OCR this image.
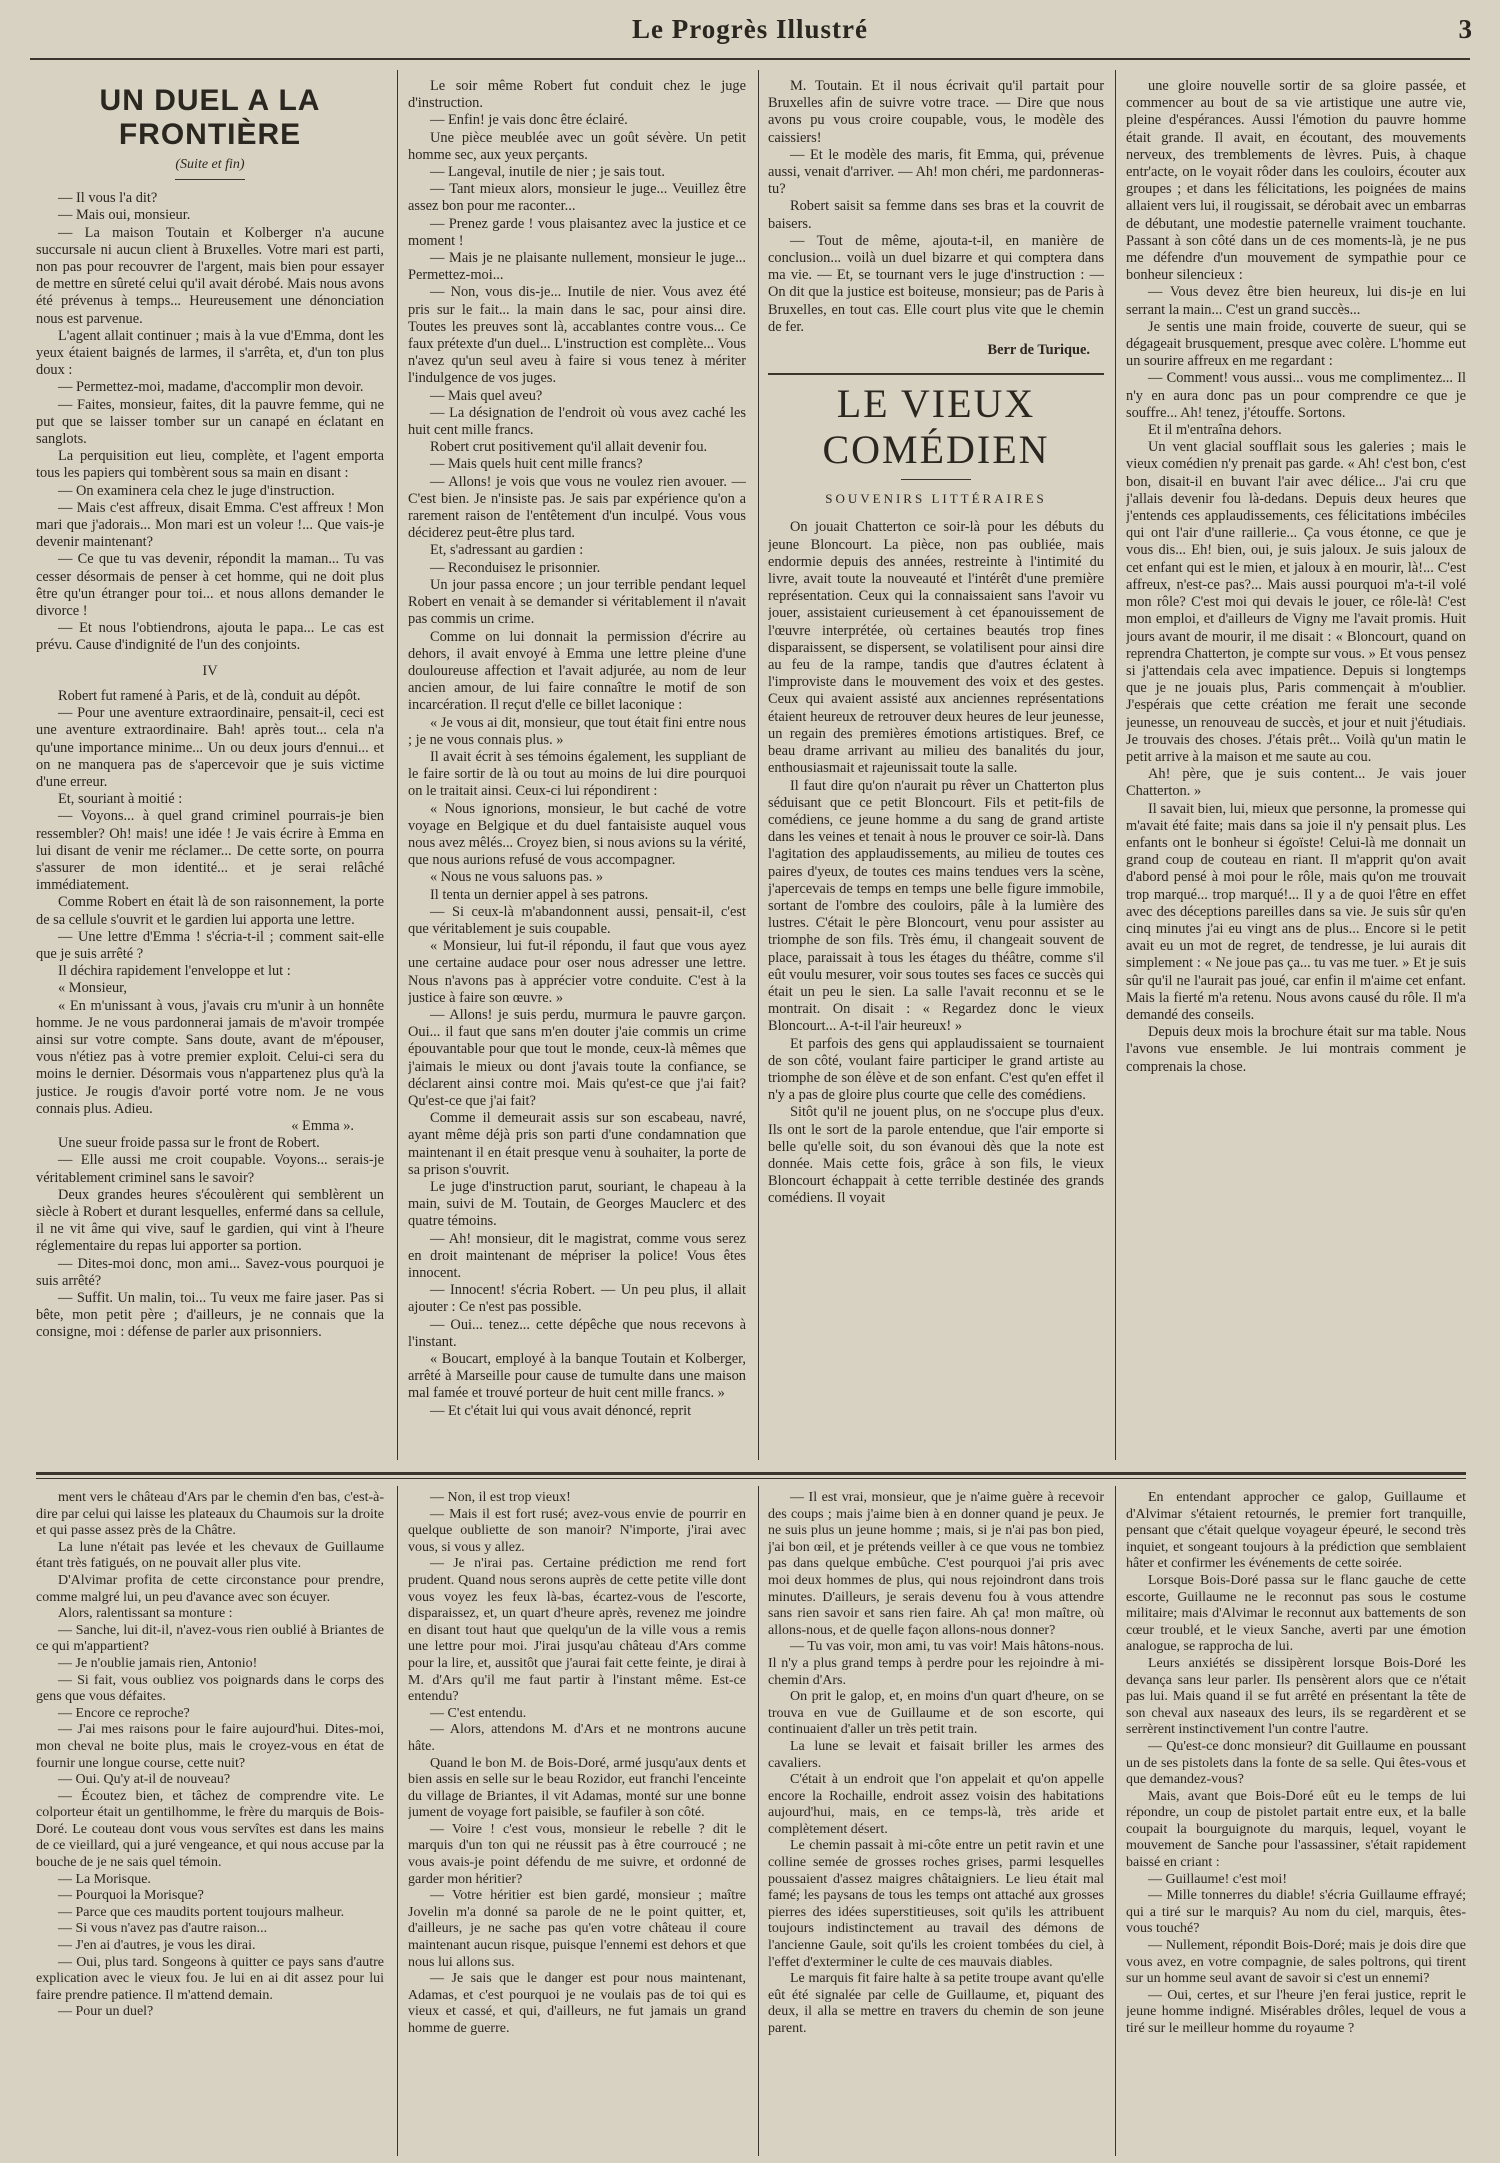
Le Progrès Illustré	3
UN DUEL A LA FRONTIÈRE
(Suite et fin)

— Il vous l'a dit?

— Mais oui, monsieur.

— La maison Toutain et Kolberger n'a aucune succursale ni aucun client à Bruxelles. Votre mari est parti, non pas pour recouvrer de l'argent, mais bien pour essayer de mettre en sûreté celui qu'il avait dérobé. Mais nous avons été prévenus à temps... Heureusement une dénonciation nous est parvenue.

L'agent allait continuer ; mais à la vue d'Emma, dont les yeux étaient baignés de larmes, il s'arrêta, et, d'un ton plus doux :

— Permettez-moi, madame, d'accomplir mon devoir.

— Faites, monsieur, faites, dit la pauvre femme, qui ne put que se laisser tomber sur un canapé en éclatant en sanglots.

La perquisition eut lieu, complète, et l'agent emporta tous les papiers qui tombèrent sous sa main en disant :

— On examinera cela chez le juge d'instruction.

— Mais c'est affreux, disait Emma. C'est affreux ! Mon mari que j'adorais... Mon mari est un voleur !... Que vais-je devenir maintenant?

— Ce que tu vas devenir, répondit la maman... Tu vas cesser désormais de penser à cet homme, qui ne doit plus être qu'un étranger pour toi... et nous allons demander le divorce !

— Et nous l'obtiendrons, ajouta le papa... Le cas est prévu. Cause d'indignité de l'un des conjoints.

IV

Robert fut ramené à Paris, et de là, conduit au dépôt.

— Pour une aventure extraordinaire, pensait-il, ceci est une aventure extraordinaire. Bah! après tout... cela n'a qu'une importance minime... Un ou deux jours d'ennui... et on ne manquera pas de s'apercevoir que je suis victime d'une erreur.

Et, souriant à moitié :

— Voyons... à quel grand criminel pourrais-je bien ressembler? Oh! mais! une idée ! Je vais écrire à Emma en lui disant de venir me réclamer... De cette sorte, on pourra s'assurer de mon identité... et je serai relâché immédiatement.

Comme Robert en était là de son raisonnement, la porte de sa cellule s'ouvrit et le gardien lui apporta une lettre.

— Une lettre d'Emma ! s'écria-t-il ; comment sait-elle que je suis arrêté ?

Il déchira rapidement l'enveloppe et lut :

« Monsieur,

« En m'unissant à vous, j'avais cru m'unir à un honnête homme. Je ne vous pardonnerai jamais de m'avoir trompée ainsi sur votre compte. Sans doute, avant de m'épouser, vous n'étiez pas à votre premier exploit. Celui-ci sera du moins le dernier. Désormais vous n'appartenez plus qu'à la justice. Je rougis d'avoir porté votre nom. Je ne vous connais plus. Adieu.

« Emma ».

Une sueur froide passa sur le front de Robert.

— Elle aussi me croit coupable. Voyons... serais-je véritablement criminel sans le savoir?

Deux grandes heures s'écoulèrent qui semblèrent un siècle à Robert et durant lesquelles, enfermé dans sa cellule, il ne vit âme qui vive, sauf le gardien, qui vint à l'heure réglementaire du repas lui apporter sa portion.

— Dites-moi donc, mon ami... Savez-vous pourquoi je suis arrêté?

— Suffit. Un malin, toi... Tu veux me faire jaser. Pas si bête, mon petit père ; d'ailleurs, je ne connais que la consigne, moi : défense de parler aux prisonniers.

Le soir même Robert fut conduit chez le juge d'instruction.

— Enfin! je vais donc être éclairé.

Une pièce meublée avec un goût sévère. Un petit homme sec, aux yeux perçants.

— Langeval, inutile de nier ; je sais tout.

— Tant mieux alors, monsieur le juge... Veuillez être assez bon pour me raconter...

— Prenez garde ! vous plaisantez avec la justice et ce moment !

— Mais je ne plaisante nullement, monsieur le juge... Permettez-moi...

— Non, vous dis-je... Inutile de nier. Vous avez été pris sur le fait... la main dans le sac, pour ainsi dire. Toutes les preuves sont là, accablantes contre vous... Ce faux prétexte d'un duel... L'instruction est complète... Vous n'avez qu'un seul aveu à faire si vous tenez à mériter l'indulgence de vos juges.

— Mais quel aveu?

— La désignation de l'endroit où vous avez caché les huit cent mille francs.

Robert crut positivement qu'il allait devenir fou.

— Mais quels huit cent mille francs?

— Allons! je vois que vous ne voulez rien avouer. — C'est bien. Je n'insiste pas. Je sais par expérience qu'on a rarement raison de l'entêtement d'un inculpé. Vous vous déciderez peut-être plus tard.

Et, s'adressant au gardien :

— Reconduisez le prisonnier.

Un jour passa encore ; un jour terrible pendant lequel Robert en venait à se demander si véritablement il n'avait pas commis un crime.

Comme on lui donnait la permission d'écrire au dehors, il avait envoyé à Emma une lettre pleine d'une douloureuse affection et l'avait adjurée, au nom de leur ancien amour, de lui faire connaître le motif de son incarcération. Il reçut d'elle ce billet laconique :

« Je vous ai dit, monsieur, que tout était fini entre nous ; je ne vous connais plus. »

Il avait écrit à ses témoins également, les suppliant de le faire sortir de là ou tout au moins de lui dire pourquoi on le traitait ainsi. Ceux-ci lui répondirent :

« Nous ignorions, monsieur, le but caché de votre voyage en Belgique et du duel fantaisiste auquel vous nous avez mêlés... Croyez bien, si nous avions su la vérité, que nous aurions refusé de vous accompagner.

« Nous ne vous saluons pas. »

Il tenta un dernier appel à ses patrons.

— Si ceux-là m'abandonnent aussi, pensait-il, c'est que véritablement je suis coupable.

« Monsieur, lui fut-il répondu, il faut que vous ayez une certaine audace pour oser nous adresser une lettre. Nous n'avons pas à apprécier votre conduite. C'est à la justice à faire son œuvre. »

— Allons! je suis perdu, murmura le pauvre garçon. Oui... il faut que sans m'en douter j'aie commis un crime épouvantable pour que tout le monde, ceux-là mêmes que j'aimais le mieux ou dont j'avais toute la confiance, se déclarent ainsi contre moi. Mais qu'est-ce que j'ai fait? Qu'est-ce que j'ai fait?

Comme il demeurait assis sur son escabeau, navré, ayant même déjà pris son parti d'une condamnation que maintenant il en était presque venu à souhaiter, la porte de sa prison s'ouvrit.

Le juge d'instruction parut, souriant, le chapeau à la main, suivi de M. Toutain, de Georges Mauclerc et des quatre témoins.

— Ah! monsieur, dit le magistrat, comme vous serez en droit maintenant de mépriser la police! Vous êtes innocent.

— Innocent! s'écria Robert. — Un peu plus, il allait ajouter : Ce n'est pas possible.

— Oui... tenez... cette dépêche que nous recevons à l'instant.

« Boucart, employé à la banque Toutain et Kolberger, arrêté à Marseille pour cause de tumulte dans une maison mal famée et trouvé porteur de huit cent mille francs. »

— Et c'était lui qui vous avait dénoncé, reprit

M. Toutain. Et il nous écrivait qu'il partait pour Bruxelles afin de suivre votre trace. — Dire que nous avons pu vous croire coupable, vous, le modèle des caissiers!

— Et le modèle des maris, fit Emma, qui, prévenue aussi, venait d'arriver. — Ah! mon chéri, me pardonneras-tu?

Robert saisit sa femme dans ses bras et la couvrit de baisers.

— Tout de même, ajouta-t-il, en manière de conclusion... voilà un duel bizarre et qui comptera dans ma vie. — Et, se tournant vers le juge d'instruction : — On dit que la justice est boiteuse, monsieur; pas de Paris à Bruxelles, en tout cas. Elle court plus vite que le chemin de fer.

Berr de Turique.
LE VIEUX COMÉDIEN
SOUVENIRS LITTÉRAIRES

On jouait Chatterton ce soir-là pour les débuts du jeune Bloncourt. La pièce, non pas oubliée, mais endormie depuis des années, restreinte à l'intimité du livre, avait toute la nouveauté et l'intérêt d'une première représentation. Ceux qui la connaissaient sans l'avoir vu jouer, assistaient curieusement à cet épanouissement de l'œuvre interprétée, où certaines beautés trop fines disparaissent, se dispersent, se volatilisent pour ainsi dire au feu de la rampe, tandis que d'autres éclatent à l'improviste dans le mouvement des voix et des gestes. Ceux qui avaient assisté aux anciennes représentations étaient heureux de retrouver deux heures de leur jeunesse, un regain des premières émotions artistiques. Bref, ce beau drame arrivant au milieu des banalités du jour, enthousiasmait et rajeunissait toute la salle.

Il faut dire qu'on n'aurait pu rêver un Chatterton plus séduisant que ce petit Bloncourt. Fils et petit-fils de comédiens, ce jeune homme a du sang de grand artiste dans les veines et tenait à nous le prouver ce soir-là. Dans l'agitation des applaudissements, au milieu de toutes ces paires d'yeux, de toutes ces mains tendues vers la scène, j'apercevais de temps en temps une belle figure immobile, sortant de l'ombre des couloirs, pâle à la lumière des lustres. C'était le père Bloncourt, venu pour assister au triomphe de son fils. Très ému, il changeait souvent de place, paraissait à tous les étages du théâtre, comme s'il eût voulu mesurer, voir sous toutes ses faces ce succès qui était un peu le sien. La salle l'avait reconnu et se le montrait. On disait : « Regardez donc le vieux Bloncourt... A-t-il l'air heureux! »

Et parfois des gens qui applaudissaient se tournaient de son côté, voulant faire participer le grand artiste au triomphe de son élève et de son enfant. C'est qu'en effet il n'y a pas de gloire plus courte que celle des comédiens.

Sitôt qu'il ne jouent plus, on ne s'occupe plus d'eux. Ils ont le sort de la parole entendue, que l'air emporte si belle qu'elle soit, du son évanoui dès que la note est donnée. Mais cette fois, grâce à son fils, le vieux Bloncourt échappait à cette terrible destinée des grands comédiens. Il voyait

une gloire nouvelle sortir de sa gloire passée, et commencer au bout de sa vie artistique une autre vie, pleine d'espérances. Aussi l'émotion du pauvre homme était grande. Il avait, en écoutant, des mouvements nerveux, des tremblements de lèvres. Puis, à chaque entr'acte, on le voyait rôder dans les couloirs, écouter aux groupes ; et dans les félicitations, les poignées de mains allaient vers lui, il rougissait, se dérobait avec un embarras de débutant, une modestie paternelle vraiment touchante. Passant à son côté dans un de ces moments-là, je ne pus me défendre d'un mouvement de sympathie pour ce bonheur silencieux :

— Vous devez être bien heureux, lui dis-je en lui serrant la main... C'est un grand succès...

Je sentis une main froide, couverte de sueur, qui se dégageait brusquement, presque avec colère. L'homme eut un sourire affreux en me regardant :

— Comment! vous aussi... vous me complimentez... Il n'y en aura donc pas un pour comprendre ce que je souffre... Ah! tenez, j'étouffe. Sortons.

Et il m'entraîna dehors.

Un vent glacial soufflait sous les galeries ; mais le vieux comédien n'y prenait pas garde. « Ah! c'est bon, c'est bon, disait-il en buvant l'air avec délice... J'ai cru que j'allais devenir fou là-dedans. Depuis deux heures que j'entends ces applaudissements, ces félicitations imbéciles qui ont l'air d'une raillerie... Ça vous étonne, ce que je vous dis... Eh! bien, oui, je suis jaloux. Je suis jaloux de cet enfant qui est le mien, et jaloux à en mourir, là!... C'est affreux, n'est-ce pas?... Mais aussi pourquoi m'a-t-il volé mon rôle? C'est moi qui devais le jouer, ce rôle-là! C'est mon emploi, et d'ailleurs de Vigny me l'avait promis. Huit jours avant de mourir, il me disait : « Bloncourt, quand on reprendra Chatterton, je compte sur vous. » Et vous pensez si j'attendais cela avec impatience. Depuis si longtemps que je ne jouais plus, Paris commençait à m'oublier. J'espérais que cette création me ferait une seconde jeunesse, un renouveau de succès, et jour et nuit j'étudiais. Je trouvais des choses. J'étais prêt... Voilà qu'un matin le petit arrive à la maison et me saute au cou.

Ah! père, que je suis content... Je vais jouer Chatterton. »

Il savait bien, lui, mieux que personne, la promesse qui m'avait été faite; mais dans sa joie il n'y pensait plus. Les enfants ont le bonheur si égoïste! Celui-là me donnait un grand coup de couteau en riant. Il m'apprit qu'on avait d'abord pensé à moi pour le rôle, mais qu'on me trouvait trop marqué... trop marqué!... Il y a de quoi l'être en effet avec des déceptions pareilles dans sa vie. Je suis sûr qu'en cinq minutes j'ai eu vingt ans de plus... Encore si le petit avait eu un mot de regret, de tendresse, je lui aurais dit simplement : « Ne joue pas ça... tu vas me tuer. » Et je suis sûr qu'il ne l'aurait pas joué, car enfin il m'aime cet enfant. Mais la fierté m'a retenu. Nous avons causé du rôle. Il m'a demandé des conseils.

Depuis deux mois la brochure était sur ma table. Nous l'avons vue ensemble. Je lui montrais comment je comprenais la chose.

ment vers le château d'Ars par le chemin d'en bas, c'est-à-dire par celui qui laisse les plateaux du Chaumois sur la droite et qui passe assez près de la Châtre.

La lune n'était pas levée et les chevaux de Guillaume étant très fatigués, on ne pouvait aller plus vite.

D'Alvimar profita de cette circonstance pour prendre, comme malgré lui, un peu d'avance avec son écuyer.

Alors, ralentissant sa monture :

— Sanche, lui dit-il, n'avez-vous rien oublié à Briantes de ce qui m'appartient?

— Je n'oublie jamais rien, Antonio!

— Si fait, vous oubliez vos poignards dans le corps des gens que vous défaites.

— Encore ce reproche?

— J'ai mes raisons pour le faire aujourd'hui. Dites-moi, mon cheval ne boite plus, mais le croyez-vous en état de fournir une longue course, cette nuit?

— Oui. Qu'y at-il de nouveau?

— Écoutez bien, et tâchez de comprendre vite. Le colporteur était un gentilhomme, le frère du marquis de Bois-Doré. Le couteau dont vous vous servîtes est dans les mains de ce vieillard, qui a juré vengeance, et qui nous accuse par la bouche de je ne sais quel témoin.

— La Morisque.

— Pourquoi la Morisque?

— Parce que ces maudits portent toujours malheur.

— Si vous n'avez pas d'autre raison...

— J'en ai d'autres, je vous les dirai.

— Oui, plus tard. Songeons à quitter ce pays sans d'autre explication avec le vieux fou. Je lui en ai dit assez pour lui faire prendre patience. Il m'attend demain.

— Pour un duel?

— Non, il est trop vieux!

— Mais il est fort rusé; avez-vous envie de pourrir en quelque oubliette de son manoir? N'importe, j'irai avec vous, si vous y allez.

— Je n'irai pas. Certaine prédiction me rend fort prudent. Quand nous serons auprès de cette petite ville dont vous voyez les feux là-bas, écartez-vous de l'escorte, disparaissez, et, un quart d'heure après, revenez me joindre en disant tout haut que quelqu'un de la ville vous a remis une lettre pour moi. J'irai jusqu'au château d'Ars comme pour la lire, et, aussitôt que j'aurai fait cette feinte, je dirai à M. d'Ars qu'il me faut partir à l'instant même. Est-ce entendu?

— C'est entendu.

— Alors, attendons M. d'Ars et ne montrons aucune hâte.

Quand le bon M. de Bois-Doré, armé jusqu'aux dents et bien assis en selle sur le beau Rozidor, eut franchi l'enceinte du village de Briantes, il vit Adamas, monté sur une bonne jument de voyage fort paisible, se faufiler à son côté.

— Voire ! c'est vous, monsieur le rebelle ? dit le marquis d'un ton qui ne réussit pas à être courroucé ; ne vous avais-je point défendu de me suivre, et ordonné de garder mon héritier?

— Votre héritier est bien gardé, monsieur ; maître Jovelin m'a donné sa parole de ne le point quitter, et, d'ailleurs, je ne sache pas qu'en votre château il coure maintenant aucun risque, puisque l'ennemi est dehors et que nous lui allons sus.

— Je sais que le danger est pour nous maintenant, Adamas, et c'est pourquoi je ne voulais pas de toi qui es vieux et cassé, et qui, d'ailleurs, ne fut jamais un grand homme de guerre.

— Il est vrai, monsieur, que je n'aime guère à recevoir des coups ; mais j'aime bien à en donner quand je peux. Je ne suis plus un jeune homme ; mais, si je n'ai pas bon pied, j'ai bon œil, et je prétends veiller à ce que vous ne tombiez pas dans quelque embûche. C'est pourquoi j'ai pris avec moi deux hommes de plus, qui nous rejoindront dans trois minutes. D'ailleurs, je serais devenu fou à vous attendre sans rien savoir et sans rien faire. Ah ça! mon maître, où allons-nous, et de quelle façon allons-nous donner?

— Tu vas voir, mon ami, tu vas voir! Mais hâtons-nous. Il n'y a plus grand temps à perdre pour les rejoindre à mi-chemin d'Ars.

On prit le galop, et, en moins d'un quart d'heure, on se trouva en vue de Guillaume et de son escorte, qui continuaient d'aller un très petit train.

La lune se levait et faisait briller les armes des cavaliers.

C'était à un endroit que l'on appelait et qu'on appelle encore la Rochaille, endroit assez voisin des habitations aujourd'hui, mais, en ce temps-là, très aride et complètement désert.

Le chemin passait à mi-côte entre un petit ravin et une colline semée de grosses roches grises, parmi lesquelles poussaient d'assez maigres châtaigniers. Le lieu était mal famé; les paysans de tous les temps ont attaché aux grosses pierres des idées superstitieuses, soit qu'ils les attribuent toujours indistinctement au travail des démons de l'ancienne Gaule, soit qu'ils les croient tombées du ciel, à l'effet d'exterminer le culte de ces mauvais diables.

Le marquis fit faire halte à sa petite troupe avant qu'elle eût été signalée par celle de Guillaume, et, piquant des deux, il alla se mettre en travers du chemin de son jeune parent.

En entendant approcher ce galop, Guillaume et d'Alvimar s'étaient retournés, le premier fort tranquille, pensant que c'était quelque voyageur épeuré, le second très inquiet, et songeant toujours à la prédiction que semblaient hâter et confirmer les événements de cette soirée.

Lorsque Bois-Doré passa sur le flanc gauche de cette escorte, Guillaume ne le reconnut pas sous le costume militaire; mais d'Alvimar le reconnut aux battements de son cœur troublé, et le vieux Sanche, averti par une émotion analogue, se rapprocha de lui.

Leurs anxiétés se dissipèrent lorsque Bois-Doré les devança sans leur parler. Ils pensèrent alors que ce n'était pas lui. Mais quand il se fut arrêté en présentant la tête de son cheval aux naseaux des leurs, ils se regardèrent et se serrèrent instinctivement l'un contre l'autre.

— Qu'est-ce donc monsieur? dit Guillaume en poussant un de ses pistolets dans la fonte de sa selle. Qui êtes-vous et que demandez-vous?

Mais, avant que Bois-Doré eût eu le temps de lui répondre, un coup de pistolet partait entre eux, et la balle coupait la bourguignote du marquis, lequel, voyant le mouvement de Sanche pour l'assassiner, s'était rapidement baissé en criant :

— Guillaume! c'est moi!

— Mille tonnerres du diable! s'écria Guillaume effrayé; qui a tiré sur le marquis? Au nom du ciel, marquis, êtes-vous touché?

— Nullement, répondit Bois-Doré; mais je dois dire que vous avez, en votre compagnie, de sales poltrons, qui tirent sur un homme seul avant de savoir si c'est un ennemi?

— Oui, certes, et sur l'heure j'en ferai justice, reprit le jeune homme indigné. Misérables drôles, lequel de vous a tiré sur le meilleur homme du royaume ?
